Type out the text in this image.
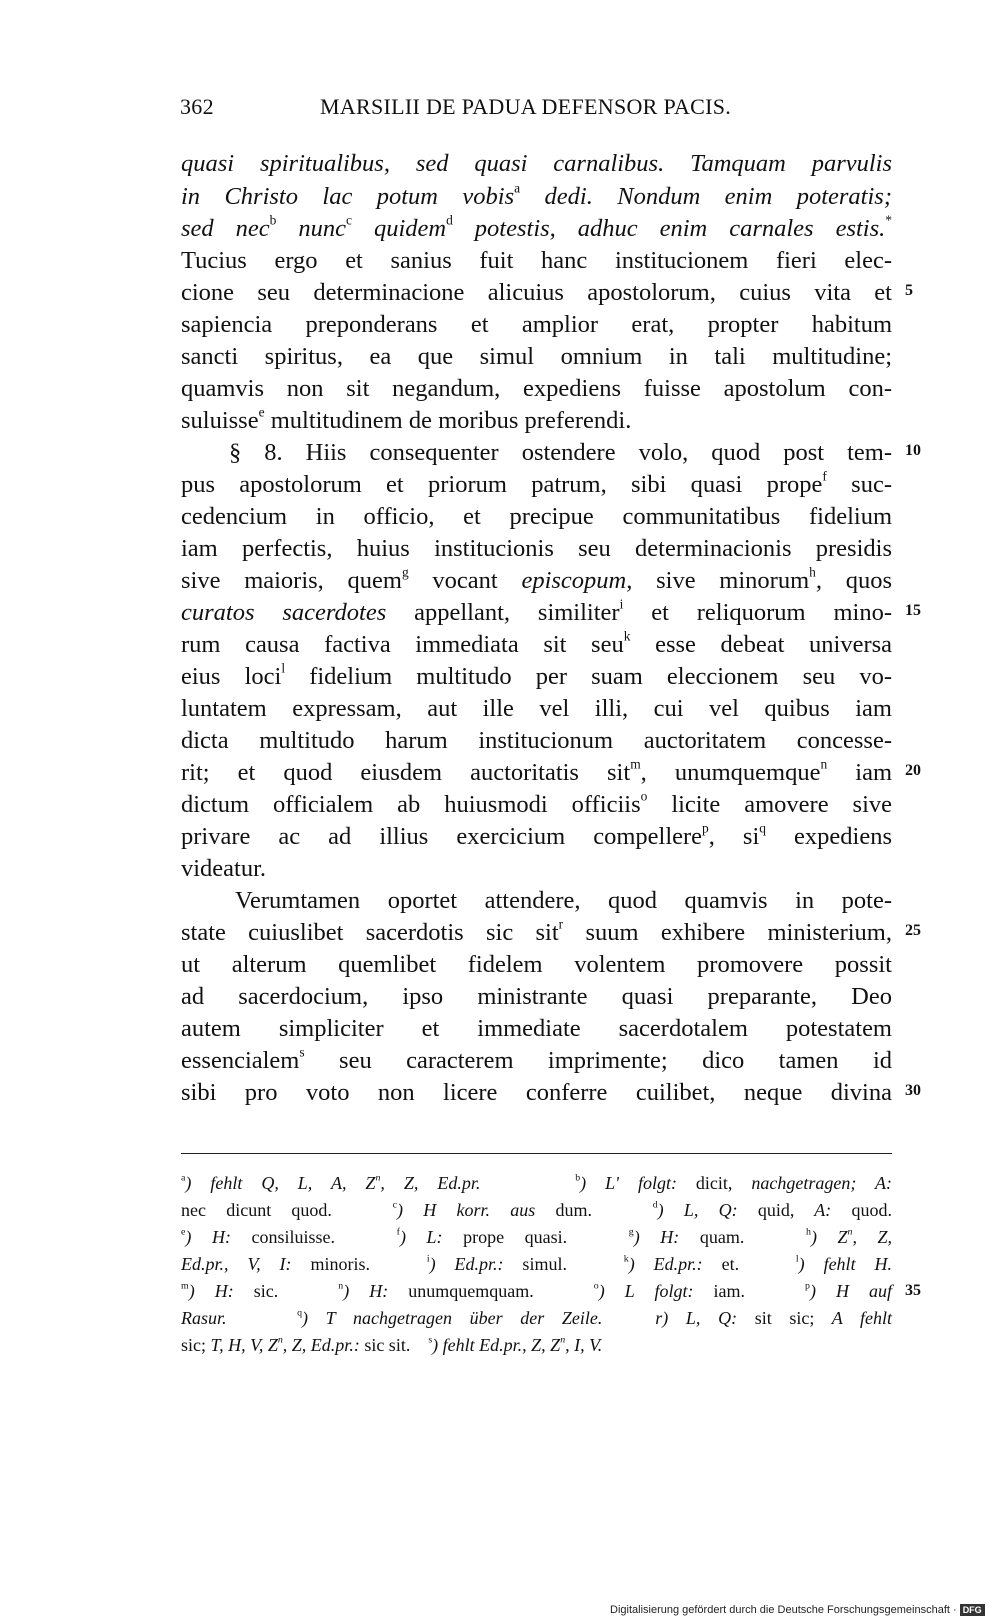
362	MARSILII DE PADUA DEFENSOR PACIS.
quasi spiritualibus, sed quasi carnalibus. Tamquam parvulis
in Christo lac potum vobis$^a$ dedi. Nondum enim poteratis;
sed nec$^b$ nunc$^c$ quidem$^d$ potestis, adhuc enim carnales estis.*
Tucius ergo et sanius fuit hanc institucionem fieri elec-
cione seu determinacione alicuius apostolorum, cuius vita et 5
sapiencia preponderans et amplior erat, propter habitum
sancti spiritus, ea que simul omnium in tali multitudine;
quamvis non sit negandum, expediens fuisse apostolum con-
suluisse$^e$ multitudinem de moribus preferendi.
§ 8. Hiis consequenter ostendere volo, quod post tem- 10
pus apostolorum et priorum patrum, sibi quasi prope$^f$ suc-
cedencium in officio, et precipue communitatibus fidelium
iam perfectis, huius institucionis seu determinacionis presidis
sive maioris, quem$^g$ vocant episcopum, sive minorum$^h$, quos
curatos sacerdotes appellant, similiter$^i$ et reliquorum mino- 15
rum causa factiva immediata sit seu$^k$ esse debeat universa
eius loci$^l$ fidelium multitudo per suam eleccionem seu vo-
luntatem expressam, aut ille vel illi, cui vel quibus iam
dicta multitudo harum institucionum auctoritatem concesse-
rit; et quod eiusdem auctoritatis sit$^m$, unumquemque$^n$ iam 20
dictum officialem ab huiusmodi officiis$^o$ licite amovere sive
privare ac ad illius exercicium compellere$^p$, $si^q$ expediens
videatur.
Verumtamen oportet attendere, quod quamvis in pote-
state cuiuslibet sacerdotis sic sit$^r$ suum exhibere ministerium, 25
ut alterum quemlibet fidelem volentem promovere possit
ad sacerdocium, ipso ministrante quasi preparante, Deo
autem simpliciter et immediate sacerdotalem potestatem
essencialem$^s$ seu caracterem imprimente; dico tamen id
sibi pro voto non licere conferre cuilibet, neque divina 30
$^a$) fehlt Q, L, A, $Z^n$, Z, Ed.pr.	$^b$) L' folgt: dicit, nachgetragen; A:
nec dicunt quod.	$^c$) H korr. aus dum.	$^d$) L, Q: quid, A: quod.
$^e$) H: consiluisse.	$^f$) L: prope quasi.	$^g$) H: quam.	$^h$) $Z^n$, Z,
Ed.pr., V, I: minoris.	$^i$) Ed.pr.: simul.	$^k$) Ed.pr.: et.	$^l$) fehlt H.
$^m$) H: sic.	$^n$) H: unumquemquam.	$^o$) L folgt: iam.	$^p$) H auf 35
Rasur.	$^q$) T nachgetragen über der Zeile.	r) L, Q: sit sic; A fehlt
sic; T, H, V, $Z^n$, Z, Ed.pr.: sic sit. $^s$) fehlt Ed.pr., Z, $Z^n$, I, V.
Digitalisierung gefördert durch die Deutsche Forschungsgemeinschaft · DFG
